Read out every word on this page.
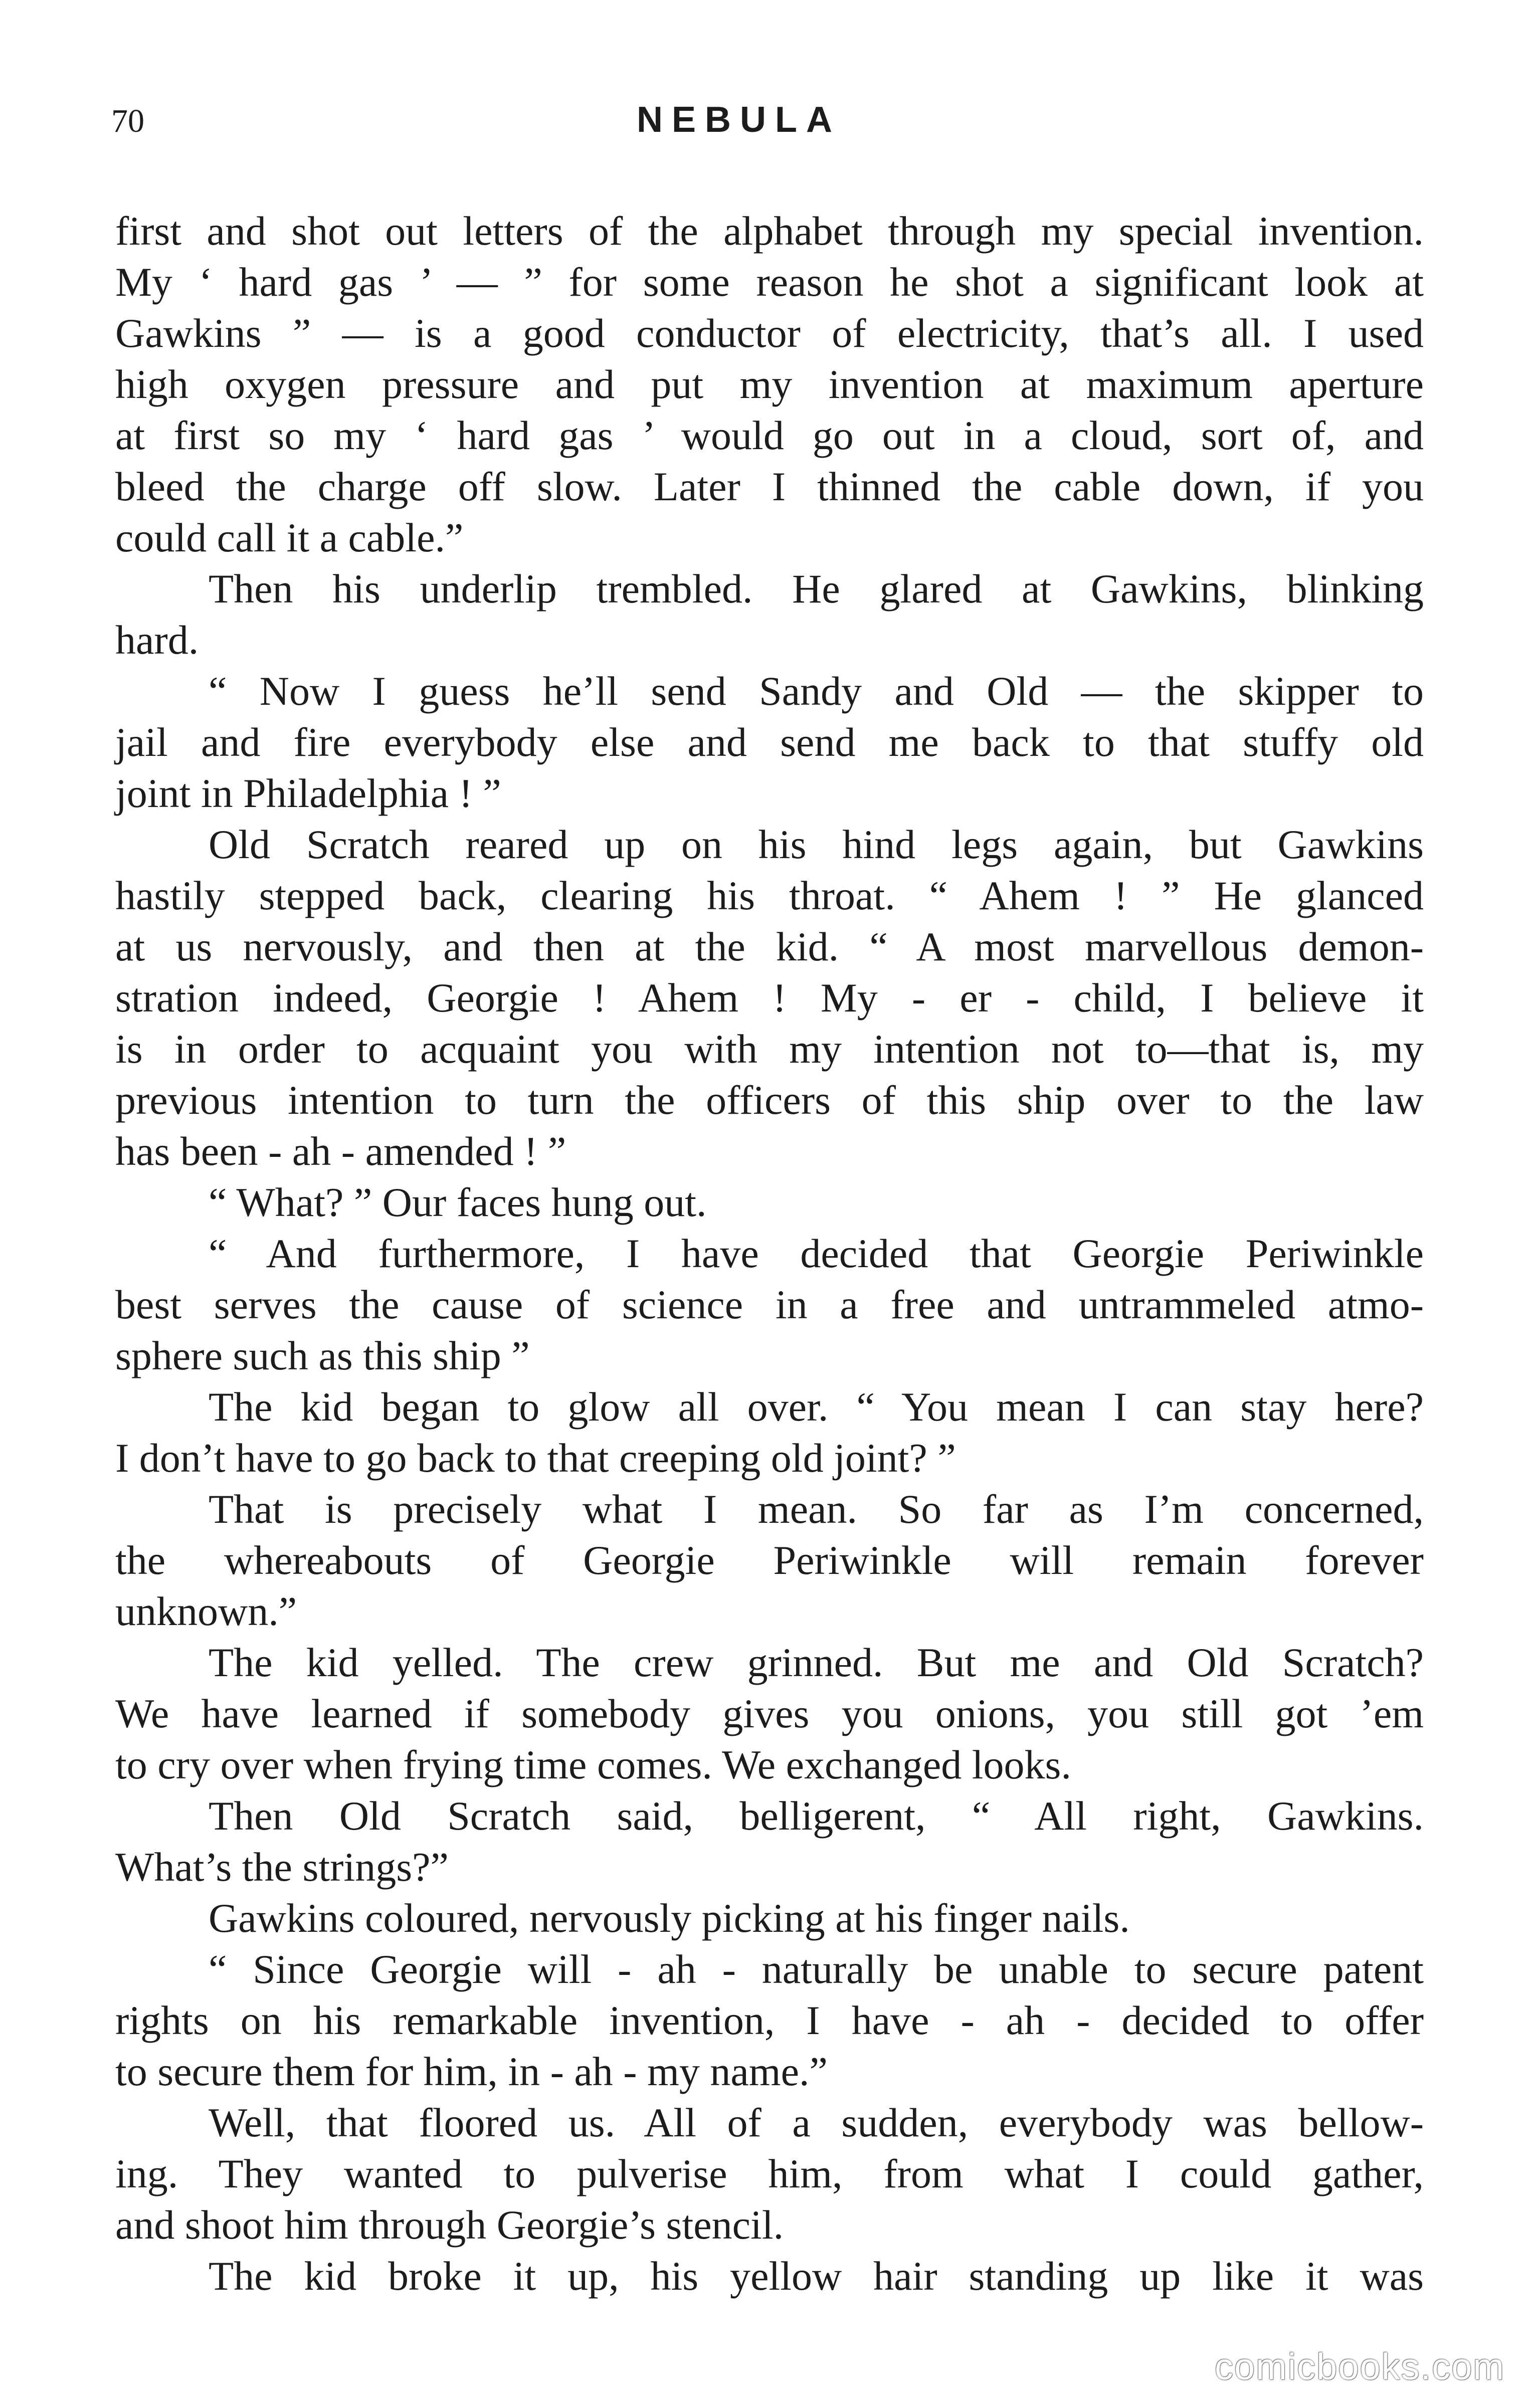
70	NEBULA
first and shot out letters of the alphabet through my special invention.
My ‘ hard gas ’ — ” for some reason he shot a significant look at
Gawkins ” — is a good conductor of electricity, that’s all. I used
high oxygen pressure and put my invention at maximum aperture
at first so my ‘ hard gas ’ would go out in a cloud, sort of, and
bleed the charge off slow. Later I thinned the cable down, if you
could call it a cable.”
Then his underlip trembled. He glared at Gawkins, blinking
hard.
“ Now I guess he’ll send Sandy and Old — the skipper to
jail and fire everybody else and send me back to that stuffy old
joint in Philadelphia ! ”
Old Scratch reared up on his hind legs again, but Gawkins
hastily stepped back, clearing his throat. “ Ahem ! ” He glanced
at us nervously, and then at the kid. “ A most marvellous demon-
stration indeed, Georgie ! Ahem ! My - er - child, I believe it
is in order to acquaint you with my intention not to—that is, my
previous intention to turn the officers of this ship over to the law
has been - ah - amended ! ”
“ What? ” Our faces hung out.
“ And furthermore, I have decided that Georgie Periwinkle
best serves the cause of science in a free and untrammeled atmo-
sphere such as this ship ”
The kid began to glow all over. “ You mean I can stay here?
I don’t have to go back to that creeping old joint? ”
That is precisely what I mean. So far as I’m concerned,
the whereabouts of Georgie Periwinkle will remain forever
unknown.”
The kid yelled. The crew grinned. But me and Old Scratch?
We have learned if somebody gives you onions, you still got ’em
to cry over when frying time comes. We exchanged looks.
Then Old Scratch said, belligerent, “ All right, Gawkins.
What’s the strings?”
Gawkins coloured, nervously picking at his finger nails.
“ Since Georgie will - ah - naturally be unable to secure patent
rights on his remarkable invention, I have - ah - decided to offer
to secure them for him, in - ah - my name.”
Well, that floored us. All of a sudden, everybody was bellow-
ing. They wanted to pulverise him, from what I could gather,
and shoot him through Georgie’s stencil.
The kid broke it up, his yellow hair standing up like it was
comicbooks.com
